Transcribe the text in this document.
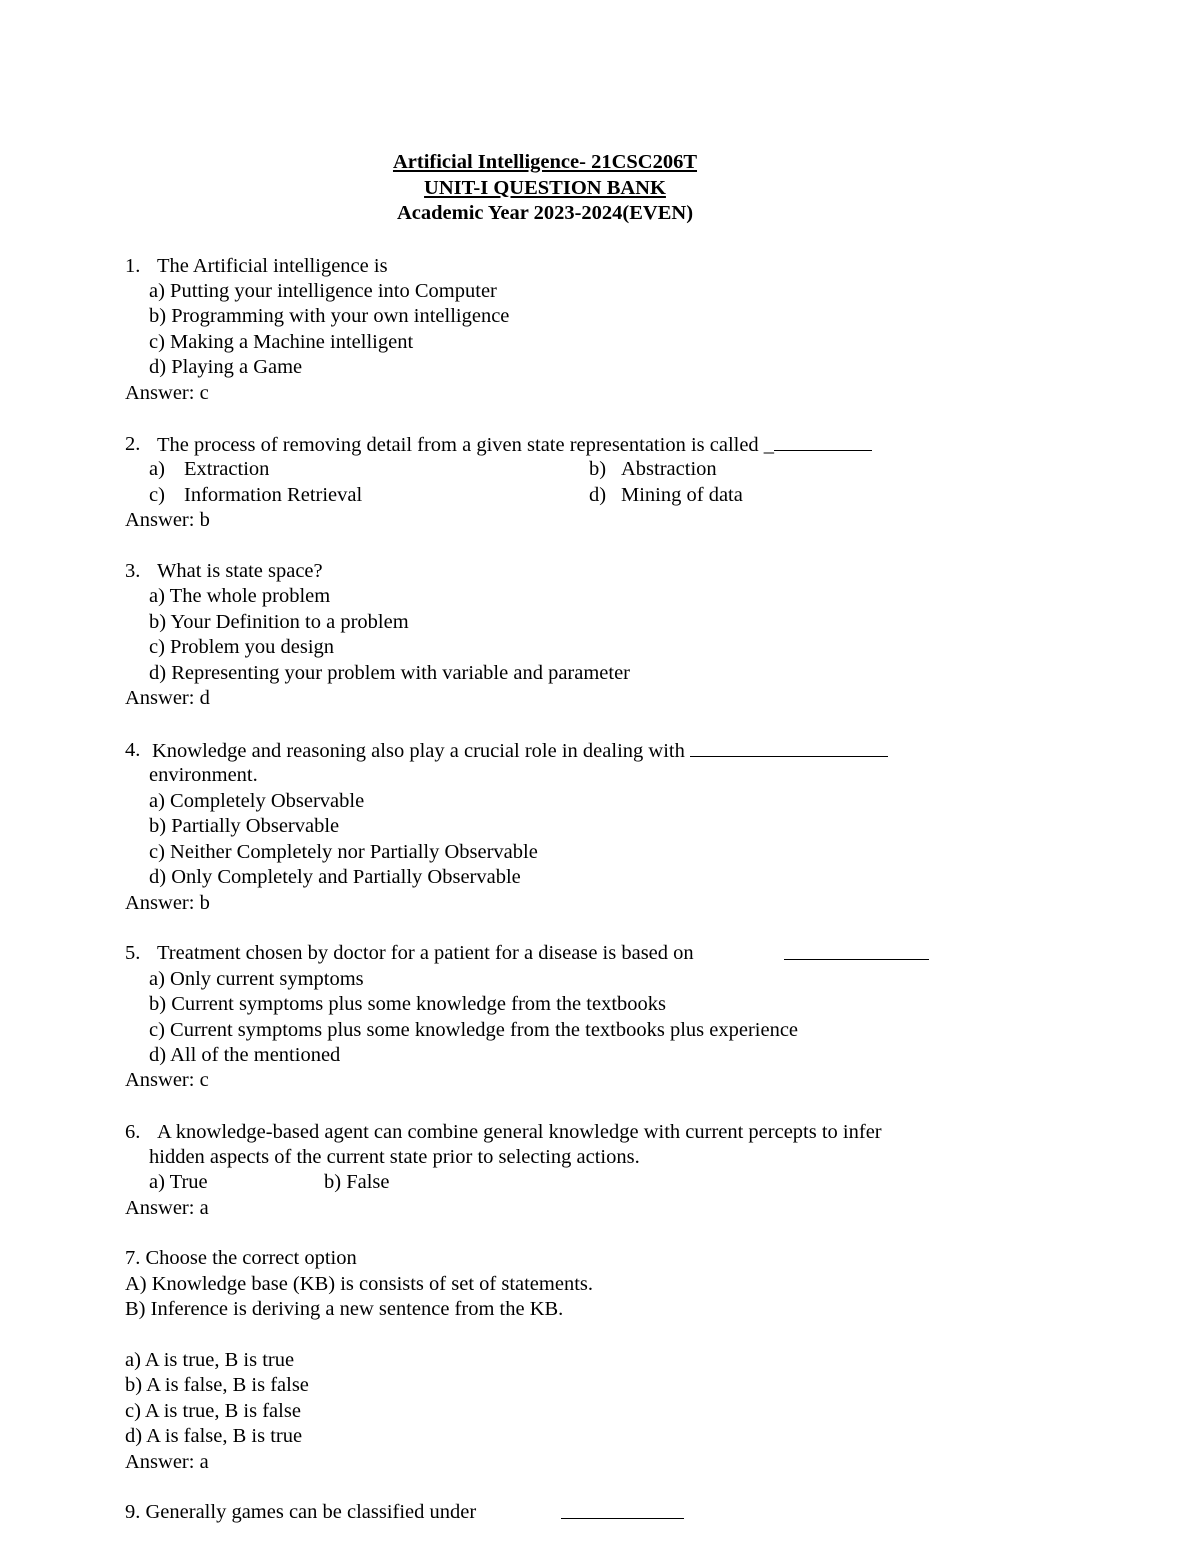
Artificial Intelligence- 21CSC206T
UNIT-I QUESTION BANK
Academic Year 2023-2024(EVEN)
1. The Artificial intelligence is
a) Putting your intelligence into Computer
b) Programming with your own intelligence
c) Making a Machine intelligent
d) Playing a Game
Answer: c
2. The process of removing detail from a given state representation is called _
a) Extraction	b) Abstraction
c) Information Retrieval	d) Mining of data
Answer: b
3. What is state space?
a) The whole problem
b) Your Definition to a problem
c) Problem you design
d) Representing your problem with variable and parameter
Answer: d
4. Knowledge and reasoning also play a crucial role in dealing with
environment.
a) Completely Observable
b) Partially Observable
c) Neither Completely nor Partially Observable
d) Only Completely and Partially Observable
Answer: b
5. Treatment chosen by doctor for a patient for a disease is based on
a) Only current symptoms
b) Current symptoms plus some knowledge from the textbooks
c) Current symptoms plus some knowledge from the textbooks plus experience
d) All of the mentioned
Answer: c
6. A knowledge-based agent can combine general knowledge with current percepts to infer
hidden aspects of the current state prior to selecting actions.
a) True	b) False
Answer: a
7. Choose the correct option
A) Knowledge base (KB) is consists of set of statements.
B) Inference is deriving a new sentence from the KB.
a) A is true, B is true
b) A is false, B is false
c) A is true, B is false
d) A is false, B is true
Answer: a
9. Generally games can be classified under
